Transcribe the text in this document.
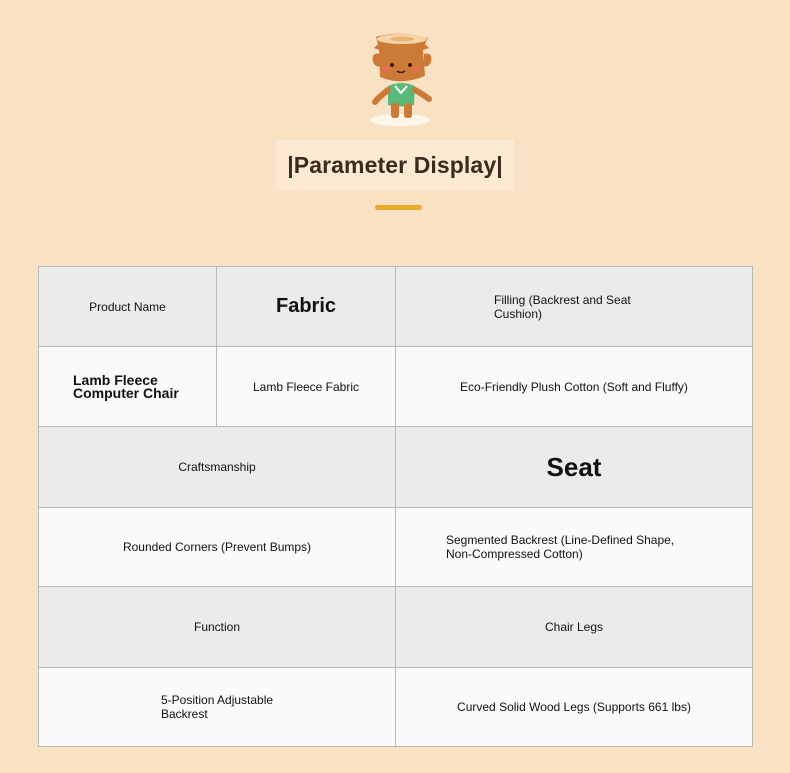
|Parameter Display|
Product Name	Fabric	Filling (Backrest and Seat Cushion)

Lamb Fleece Computer Chair	Lamb Fleece Fabric	Eco-Friendly Plush Cotton (Soft and Fluffy)

Craftsmanship		Seat

Rounded Corners (Prevent Bumps)		Segmented Backrest (Line-Defined Shape, Non-Compressed Cotton)

Function		Chair Legs

5-Position Adjustable Backrest		Curved Solid Wood Legs (Supports 661 lbs)
